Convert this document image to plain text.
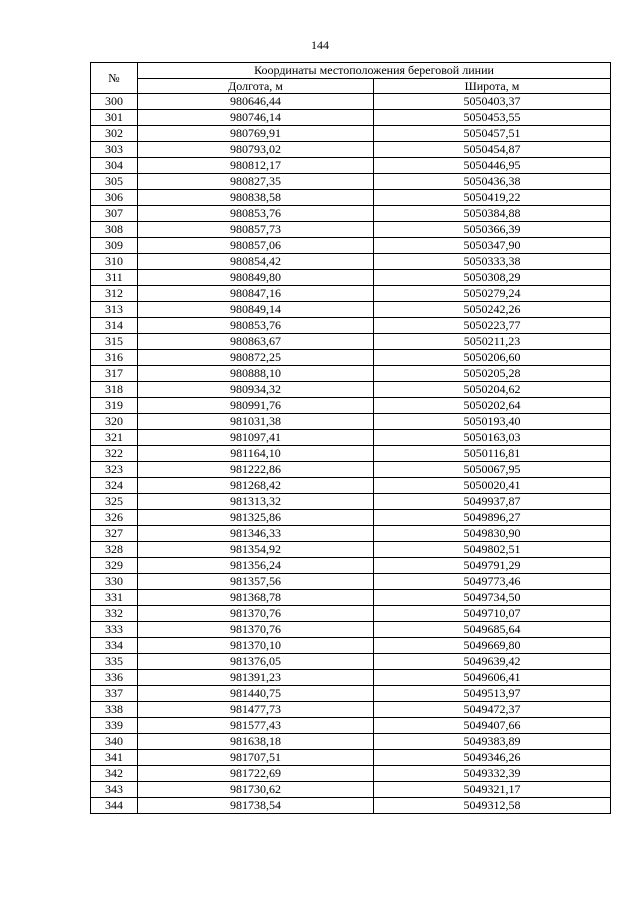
144
№	Координаты местоположения береговой линии	
	Долгота, м	Широта, м
300	980646,44	5050403,37
301	980746,14	5050453,55
302	980769,91	5050457,51
303	980793,02	5050454,87
304	980812,17	5050446,95
305	980827,35	5050436,38
306	980838,58	5050419,22
307	980853,76	5050384,88
308	980857,73	5050366,39
309	980857,06	5050347,90
310	980854,42	5050333,38
311	980849,80	5050308,29
312	980847,16	5050279,24
313	980849,14	5050242,26
314	980853,76	5050223,77
315	980863,67	5050211,23
316	980872,25	5050206,60
317	980888,10	5050205,28
318	980934,32	5050204,62
319	980991,76	5050202,64
320	981031,38	5050193,40
321	981097,41	5050163,03
322	981164,10	5050116,81
323	981222,86	5050067,95
324	981268,42	5050020,41
325	981313,32	5049937,87
326	981325,86	5049896,27
327	981346,33	5049830,90
328	981354,92	5049802,51
329	981356,24	5049791,29
330	981357,56	5049773,46
331	981368,78	5049734,50
332	981370,76	5049710,07
333	981370,76	5049685,64
334	981370,10	5049669,80
335	981376,05	5049639,42
336	981391,23	5049606,41
337	981440,75	5049513,97
338	981477,73	5049472,37
339	981577,43	5049407,66
340	981638,18	5049383,89
341	981707,51	5049346,26
342	981722,69	5049332,39
343	981730,62	5049321,17
344	981738,54	5049312,58
